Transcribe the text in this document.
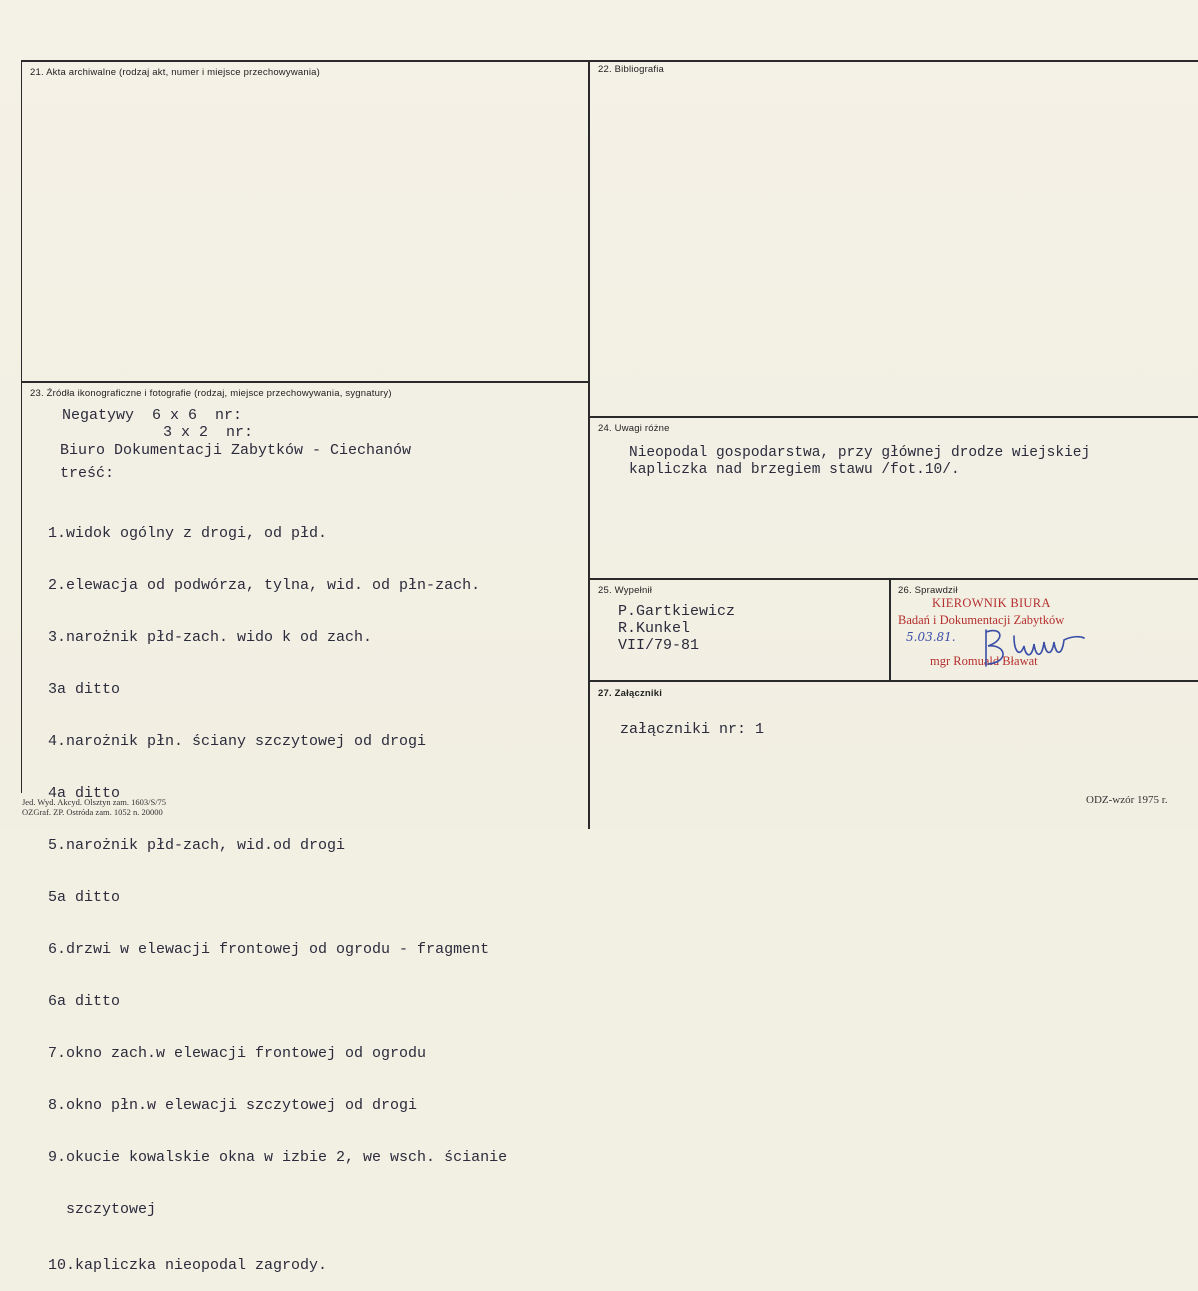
21. Akta archiwalne (rodzaj akt, numer i miejsce przechowywania)	22. Bibliografia
23. Źródła ikonograficzne i fotografie (rodzaj, miejsce przechowywania, sygnatury)
24. Uwagi różne
25. Wypełnił	26. Sprawdził
27. Załączniki
Negatywy  6 x 6  nr:
3 x 2  nr:
Biuro Dokumentacji Zabytków - Ciechanów
treść:

1.widok ogólny z drogi, od płd.

2.elewacja od podwórza, tylna, wid. od płn-zach.

3.narożnik płd-zach. wido k od zach.

3a ditto

4.narożnik płn. ściany szczytowej od drogi

4a ditto

5.narożnik płd-zach, wid.od drogi

5a ditto

6.drzwi w elewacji frontowej od ogrodu - fragment

6a ditto

7.okno zach.w elewacji frontowej od ogrodu

8.okno płn.w elewacji szczytowej od drogi

9.okucie kowalskie okna w izbie 2, we wsch. ścianie

szczytowej

10.kapliczka nieopodal zagrody.

Nieopodal gospodarstwa, przy głównej drodze wiejskiej
kapliczka nad brzegiem stawu /fot.10/.
P.Gartkiewicz
R.Kunkel
VII/79-81
KIEROWNIK BIURA
Badań i Dokumentacji Zabytków
mgr Romuald Bławat
5.03.81.
załączniki nr: 1
Jed. Wyd. Akcyd. Olsztyn zam. 1603/S/75
OZGraf. ZP. Ostróda zam. 1052 n. 20000
ODZ-wzór 1975 r.
